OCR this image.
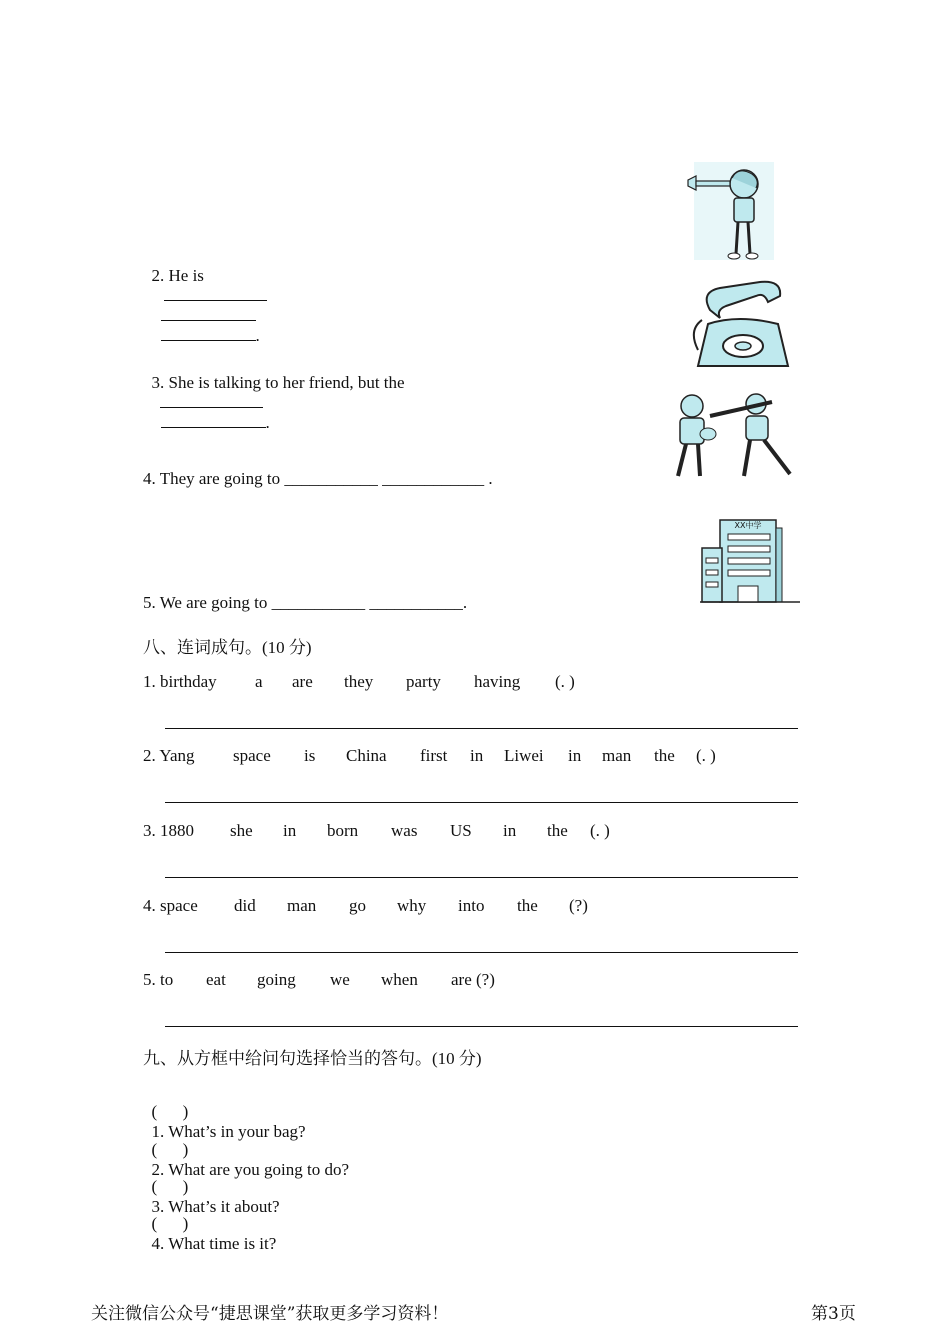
2. He is

.

3. She is talking to her friend, but the

.

4. They are going to ___________ ____________ .
5. We are going to ___________ ___________.
XX中学
八、连词成句。(10 分)
1. birthday a are they party having (. )
2. Yang space is China first in Liwei in man the (. )
3. 1880 she in born was US in the (. )
4. space did man go why into the (?)
5. to eat going we when are (?)
九、从方框中给问句选择恰当的答句。(10 分)

(      )
1. What’s in your bag?

(      )
2. What are you going to do?

(      )
3. What’s it about?

(      )
4. What time is it?

关注微信公众号“捷思课堂”获取更多学习资料！	第3页
